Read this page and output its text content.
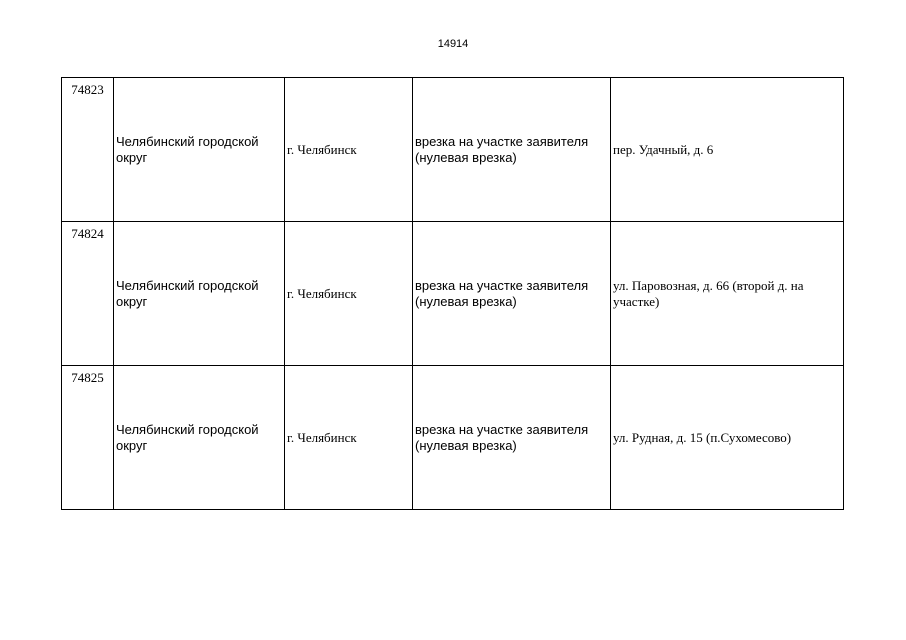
14914
74823	Челябинский городской округ	г. Челябинск	врезка на участке заявителя (нулевая врезка)	пер. Удачный, д. 6
74824	Челябинский городской округ	г. Челябинск	врезка на участке заявителя (нулевая врезка)	ул. Паровозная, д. 66 (второй д. на участке)
74825	Челябинский городской округ	г. Челябинск	врезка на участке заявителя (нулевая врезка)	ул. Рудная, д. 15 (п.Сухомесово)
